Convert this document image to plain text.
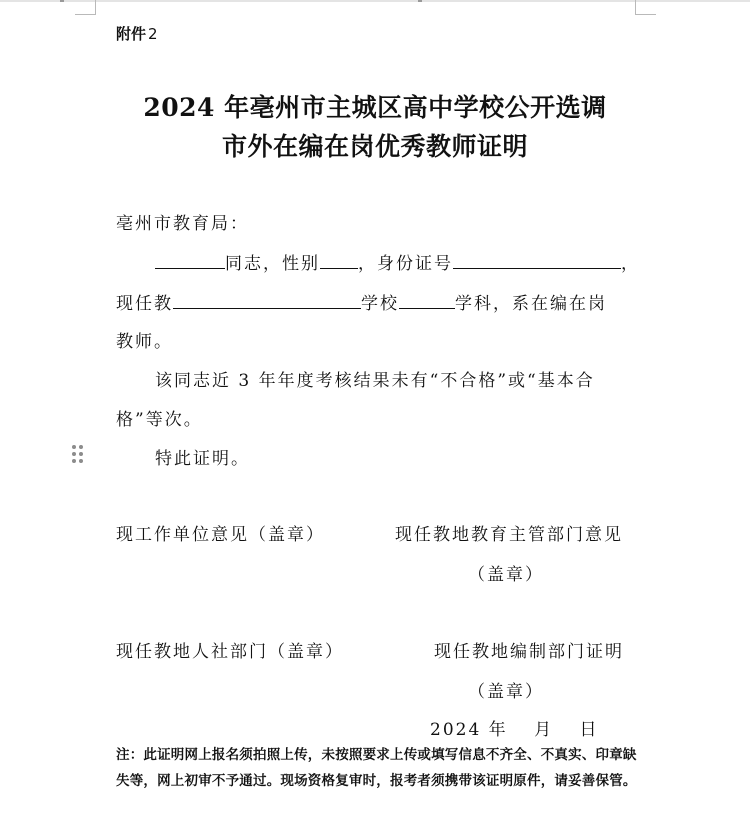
附件 2
2024 年亳州市主城区高中学校公开选调
市外在编在岗优秀教师证明
亳州市教育局：
同志，性别 ，身份证号	，
现任教	学校	学科，系在编在岗
教师。
该同志近 3 年年度考核结果未有“不合格”或“基本合
格”等次。
特此证明。
现工作单位意见（盖章）	现任教地教育主管部门意见
（盖章）
现任教地人社部门（盖章）	现任教地编制部门证明
（盖章）
2024 年　 月　 日
注：此证明网上报名须拍照上传，未按照要求上传或填写信息不齐全、不真实、印章缺失等，网上初审不予通过。现场资格复审时，报考者须携带该证明原件，请妥善保管。
